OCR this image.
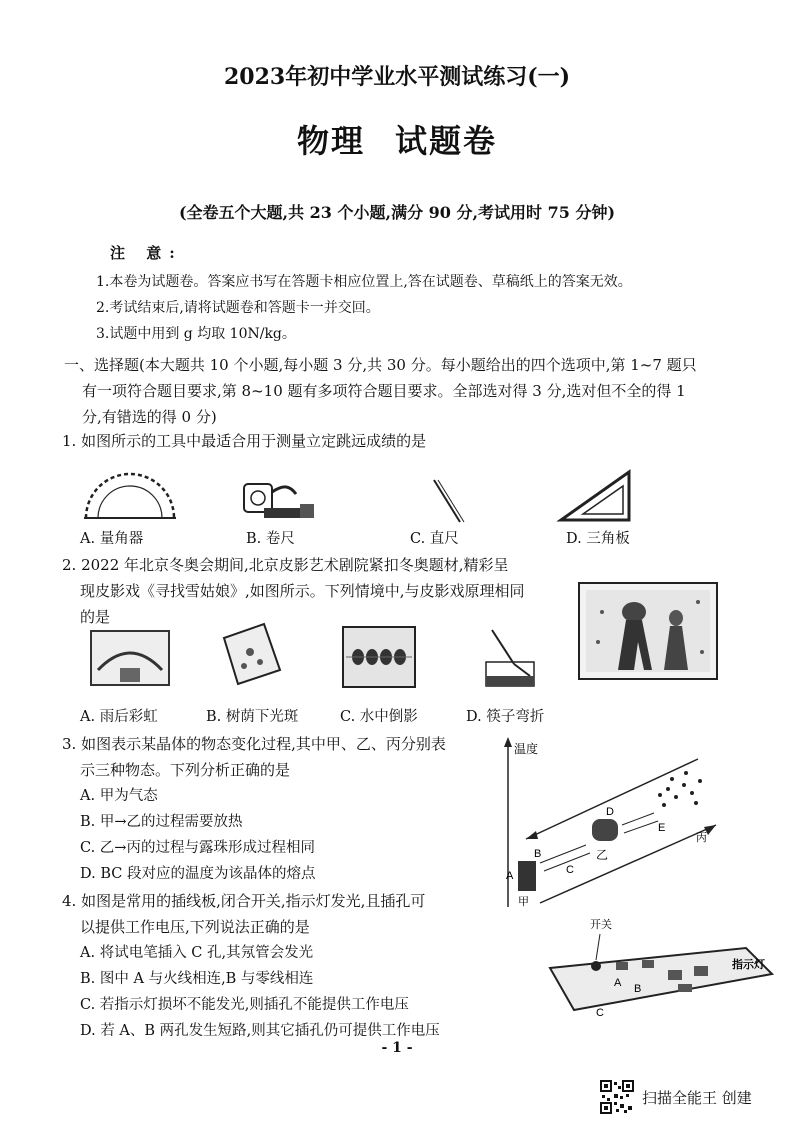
2023年初中学业水平测试练习(一)
物理 试题卷
(全卷五个大题,共 23 个小题,满分 90 分,考试用时 75 分钟)
注 意:
1.本卷为试题卷。答案应书写在答题卡相应位置上,答在试题卷、草稿纸上的答案无效。
2.考试结束后,请将试题卷和答题卡一并交回。
3.试题中用到 g 均取 10N/kg。
一、选择题(本大题共 10 个小题,每小题 3 分,共 30 分。每小题给出的四个选项中,第 1~7 题只
有一项符合题目要求,第 8~10 题有多项符合题目要求。全部选对得 3 分,选对但不全的得 1
分,有错选的得 0 分)
1. 如图所示的工具中最适合用于测量立定跳远成绩的是
A. 量角器	B. 卷尺	C. 直尺	D. 三角板
2. 2022 年北京冬奥会期间,北京皮影艺术剧院紧扣冬奥题材,精彩呈
现皮影戏《寻找雪姑娘》,如图所示。下列情境中,与皮影戏原理相同
的是
A. 雨后彩虹	B. 树荫下光斑	C. 水中倒影	D. 筷子弯折
3. 如图表示某晶体的物态变化过程,其中甲、乙、丙分别表
示三种物态。下列分析正确的是
A. 甲为气态
B. 甲→乙的过程需要放热
C. 乙→丙的过程与露珠形成过程相同
D. BC 段对应的温度为该晶体的熔点
温度
A
B
C
D
E
甲
乙
丙
4. 如图是常用的插线板,闭合开关,指示灯发光,且插孔可
以提供工作电压,下列说法正确的是
A. 将试电笔插入 C 孔,其氖管会发光
B. 图中 A 与火线相连,B 与零线相连
C. 若指示灯损坏不能发光,则插孔不能提供工作电压
D. 若 A、B 两孔发生短路,则其它插孔仍可提供工作电压
开关
A B
C
指示灯
- 1 -
扫描全能王 创建
